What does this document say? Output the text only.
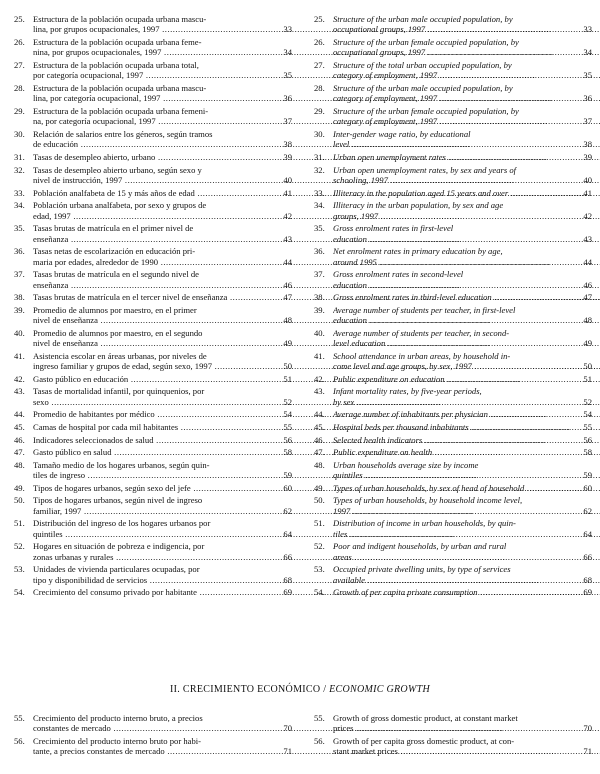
25. Estructura de la población ocupada urbana mascu-
lina, por grupos ocupacionales, 1997 .....	33
26. Estructura de la población ocupada urbana feme-
nina, por grupos ocupacionales, 1997 .....	34
27. Estructura de la población ocupada urbana total,
por categoría ocupacional, 1997 .....	35
28. Estructura de la población ocupada urbana mascu-
lina, por categoría ocupacional, 1997 .....	36
29. Estructura de la población ocupada urbana femeni-
na, por categoría ocupacional, 1997 .....	37
30. Relación de salarios entre los géneros, según tramos
de educación .....	38
31. Tasas de desempleo abierto, urbano .....	39
32. Tasas de desempleo abierto urbano, según sexo y
nivel de instrucción, 1997 .....	40
33. Población analfabeta de 15 y más años de edad .....	41
34. Población urbana analfabeta, por sexo y grupos de
edad, 1997 .....	42
35. Tasas brutas de matrícula en el primer nivel de
enseñanza .....	43
36. Tasas netas de escolarización en educación pri-
maria por edades, alrededor de 1990 .....	44
37. Tasas brutas de matrícula en el segundo nivel de
enseñanza .....	46
38. Tasas brutas de matrícula en el tercer nivel de enseñanza .....	47
39. Promedio de alumnos por maestro, en el primer
nivel de enseñanza .....	48
40. Promedio de alumnos por maestro, en el segundo
nivel de enseñanza .....	49
41. Asistencia escolar en áreas urbanas, por niveles de
ingreso familiar y grupos de edad, según sexo, 1997 .....	50
42. Gasto público en educación .....	51
43. Tasas de mortalidad infantil, por quinquenios, por
sexo .....	52
44. Promedio de habitantes por médico .....	54
45. Camas de hospital por cada mil habitantes .....	55
46. Indicadores seleccionados de salud .....	56
47. Gasto público en salud .....	58
48. Tamaño medio de los hogares urbanos, según quin-
tiles de ingreso .....	59
49. Tipos de hogares urbanos, según sexo del jefe .....	60
50. Tipos de hogares urbanos, según nivel de ingreso
familiar, 1997 .....	62
51. Distribución del ingreso de los hogares urbanos por
quintiles .....	64
52. Hogares en situación de pobreza e indigencia, por
zonas urbanas y rurales .....	66
53. Unidades de vivienda particulares ocupadas, por
tipo y disponibilidad de servicios .....	68
54. Crecimiento del consumo privado por habitante .....	69
25. Structure of the urban male occupied population, by
occupational groups, 1997 .....	33
26. Structure of the urban female occupied population, by
occupational groups, 1997 .....	34
27. Structure of the total urban occupied population, by
category of employment, 1997 .....	35
28. Structure of the urban male occupied population, by
category of employment, 1997 .....	36
29. Structure of the urban female occupied population, by
category of employment, 1997 .....	37
30. Inter-gender wage ratio, by educational
level .....	38
31. Urban open unemployment rates .....	39
32. Urban open unemployment rates, by sex and years of
schooling, 1997 .....	40
33. Illiteracy in the population aged 15 years and over .....	41
34. Illiteracy in the urban population, by sex and age
groups, 1997 .....	42
35. Gross enrolment rates in first-level
education .....	43
36. Net enrolment rates in primary education by age,
around 1995 .....	44
37. Gross enrolment rates in second-level
education .....	46
38. Gross enrolment rates in third-level education .....	47
39. Average number of students per teacher, in first-level
education .....	48
40. Average number of students per teacher, in second-
level education .....	49
41. School attendance in urban areas, by household in-
come level and age groups, by sex, 1997 .....	50
42. Public expenditure on education .....	51
43. Infant mortality rates, by five-year periods,
by sex .....	52
44. Average number of inhabitants per physician .....	54
45. Hospital beds per thousand inhabitants .....	55
46. Selected health indicators .....	56
47. Public expenditure on health .....	58
48. Urban households average size by income
quintiles .....	59
49. Types of urban households, by sex of head of household .....	60
50. Types of urban households, by household income level,
1997 .....	62
51. Distribution of income in urban households, by quin-
tiles .....	64
52. Poor and indigent households, by urban and rural
areas .....	66
53. Occupied private dwelling units, by type of services
available .....	68
54. Growth of per capita private consumption .....	69
II. CRECIMIENTO ECONÓMICO / ECONOMIC GROWTH
55. Crecimiento del producto interno bruto, a precios
constantes de mercado .....	70
56. Crecimiento del producto interno bruto por habi-
tante, a precios constantes de mercado .....	71
55. Growth of gross domestic product, at constant market
prices .....	70
56. Growth of per capita gross domestic product, at con-
stant market prices .....	71
